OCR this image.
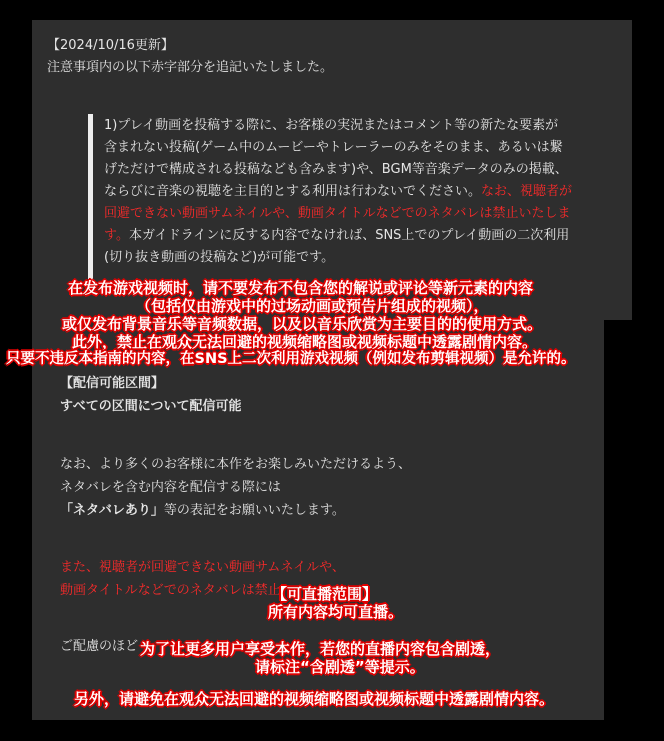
【2024/10/16更新】
注意事項内の以下赤字部分を追記いたしました。
1)プレイ動画を投稿する際に、お客様の実況またはコメント等の新たな要素が
含まれない投稿(ゲーム中のムービーやトレーラーのみをそのまま、あるいは繋
げただけで構成される投稿なども含みます)や、BGM等音楽データのみの掲載、
ならびに音楽の視聴を主目的とする利用は行わないでください。なお、視聴者が
回避できない動画サムネイルや、動画タイトルなどでのネタバレは禁止いたしま
す。本ガイドラインに反する内容でなければ、SNS上でのプレイ動画の二次利用
(切り抜き動画の投稿など)が可能です。
【配信可能区間】
すべての区間について配信可能
なお、より多くのお客様に本作をお楽しみいただけるよう、
ネタバレを含む内容を配信する際には
「ネタバレあり」等の表記をお願いいたします。
また、視聴者が回避できない動画サムネイルや、
動画タイトルなどでのネタバレは禁止
ご配慮のほど
在发布游戏视频时，请不要发布不包含您的解说或评论等新元素的内容
（包括仅由游戏中的过场动画或预告片组成的视频），
或仅发布背景音乐等音频数据，以及以音乐欣赏为主要目的的使用方式。
此外，禁止在观众无法回避的视频缩略图或视频标题中透露剧情内容。
只要不违反本指南的内容，在SNS上二次利用游戏视频（例如发布剪辑视频）是允许的。
【可直播范围】
所有内容均可直播。
为了让更多用户享受本作，若您的直播内容包含剧透，
请标注“含剧透”等提示。
另外，请避免在观众无法回避的视频缩略图或视频标题中透露剧情内容。
